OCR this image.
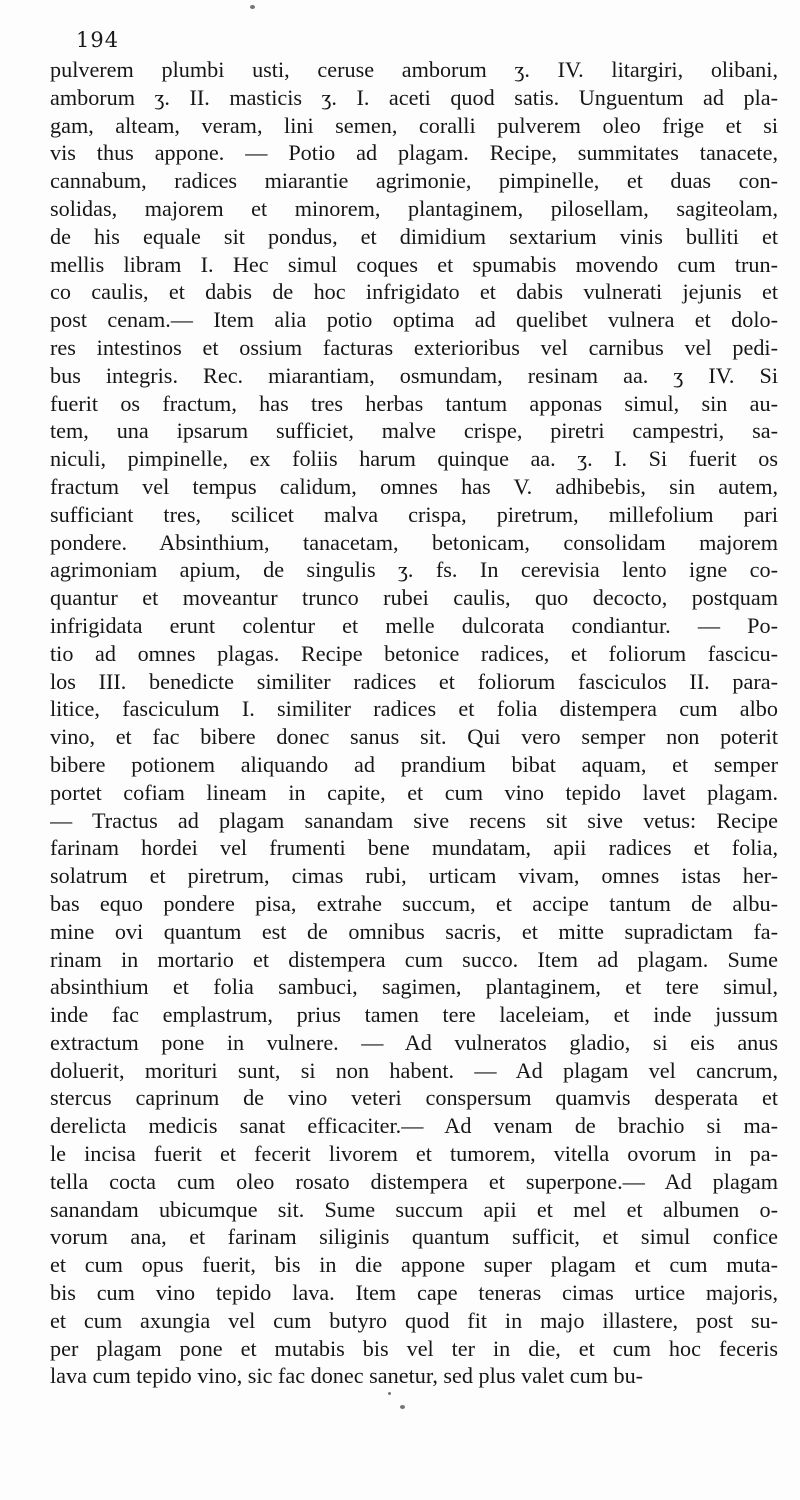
194
pulverem plumbi usti, ceruse amborum ʒ. IV. litargiri, olibani,
amborum ʒ. II. masticis ʒ. I. aceti quod satis. Unguentum ad pla-
gam, alteam, veram, lini semen, coralli pulverem oleo frige et si
vis thus appone. — Potio ad plagam. Recipe, summitates tanacete,
cannabum, radices miarantie agrimonie, pimpinelle, et duas con-
solidas, majorem et minorem, plantaginem, pilosellam, sagiteolam,
de his equale sit pondus, et dimidium sextarium vinis bulliti et
mellis libram I. Hec simul coques et spumabis movendo cum trun-
co caulis, et dabis de hoc infrigidato et dabis vulnerati jejunis et
post cenam.— Item alia potio optima ad quelibet vulnera et dolo-
res intestinos et ossium facturas exterioribus vel carnibus vel pedi-
bus integris. Rec. miarantiam, osmundam, resinam aa. ʒ IV. Si
fuerit os fractum, has tres herbas tantum apponas simul, sin au-
tem, una ipsarum sufficiet, malve crispe, piretri campestri, sa-
niculi, pimpinelle, ex foliis harum quinque aa. ʒ. I. Si fuerit os
fractum vel tempus calidum, omnes has V. adhibebis, sin autem,
sufficiant tres, scilicet malva crispa, piretrum, millefolium pari
pondere. Absinthium, tanacetam, betonicam, consolidam majorem
agrimoniam apium, de singulis ʒ. fs. In cerevisia lento igne co-
quantur et moveantur trunco rubei caulis, quo decocto, postquam
infrigidata erunt colentur et melle dulcorata condiantur. — Po-
tio ad omnes plagas. Recipe betonice radices, et foliorum fascicu-
los III. benedicte similiter radices et foliorum fasciculos II. para-
litice, fasciculum I. similiter radices et folia distempera cum albo
vino, et fac bibere donec sanus sit. Qui vero semper non poterit
bibere potionem aliquando ad prandium bibat aquam, et semper
portet cofiam lineam in capite, et cum vino tepido lavet plagam.
— Tractus ad plagam sanandam sive recens sit sive vetus: Recipe
farinam hordei vel frumenti bene mundatam, apii radices et folia,
solatrum et piretrum, cimas rubi, urticam vivam, omnes istas her-
bas equo pondere pisa, extrahe succum, et accipe tantum de albu-
mine ovi quantum est de omnibus sacris, et mitte supradictam fa-
rinam in mortario et distempera cum succo. Item ad plagam. Sume
absinthium et folia sambuci, sagimen, plantaginem, et tere simul,
inde fac emplastrum, prius tamen tere laceleiam, et inde jussum
extractum pone in vulnere. — Ad vulneratos gladio, si eis anus
doluerit, morituri sunt, si non habent. — Ad plagam vel cancrum,
stercus caprinum de vino veteri conspersum quamvis desperata et
derelicta medicis sanat efficaciter.— Ad venam de brachio si ma-
le incisa fuerit et fecerit livorem et tumorem, vitella ovorum in pa-
tella cocta cum oleo rosato distempera et superpone.— Ad plagam
sanandam ubicumque sit. Sume succum apii et mel et albumen o-
vorum ana, et farinam siliginis quantum sufficit, et simul confice
et cum opus fuerit, bis in die appone super plagam et cum muta-
bis cum vino tepido lava. Item cape teneras cimas urtice majoris,
et cum axungia vel cum butyro quod fit in majo illastere, post su-
per plagam pone et mutabis bis vel ter in die, et cum hoc feceris
lava cum tepido vino, sic fac donec sanetur, sed plus valet cum bu-
